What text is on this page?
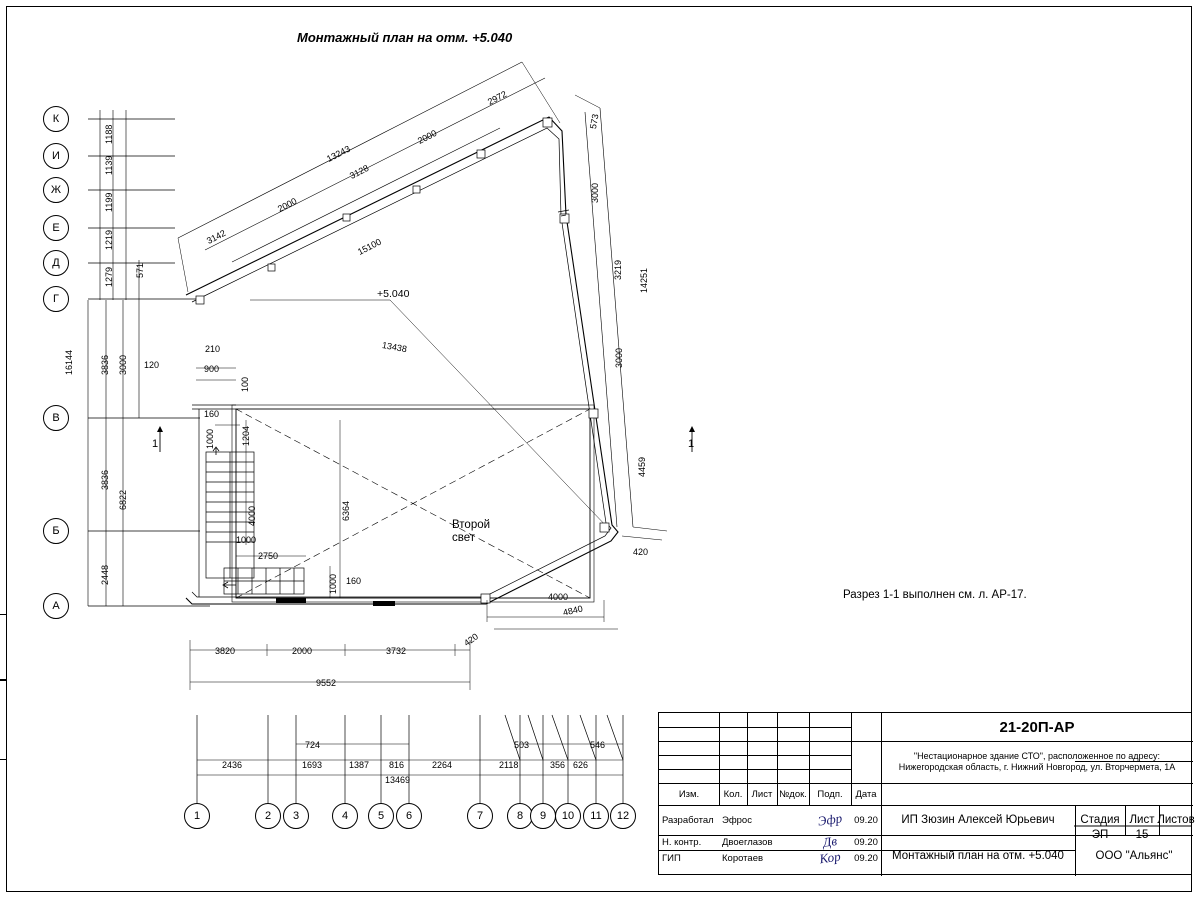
Монтажный план на отм. +5.040
К
И
Ж
Е
Д
Г
В
Б
А
1	2	3	4	5	6	7	8	9	10	11	12
2972
2000
13243
3128
2000
3142	15100
573
3000
3219 14251
3000
4459
420
1188
1139
1199
1219
1279 571
16144	3836 3000 120
3836
6822
2448
210
900
100
160
1000	1204
4000	6364
1000
2750
1000 160
13438
3820	2000	3732
420
9552
4000
4840
2436
724
1693	1387 816	2264	2118
503
356 626
546
13469
+5.040
Второй
свет
1	1
Разрез 1-1 выполнен см. л. АР-17.
Изм.	Кол. Лист №док.	Подп.	Дата
Разработал Эфрос	Эфр	09.20
Н. контр.	Двоеглазов	Дв	09.20
ГИП	Коротаев	Кор	09.20
21-20П-АР
"Нестационарное здание СТО", расположенное по адресу:
Нижегородская область, г. Нижний Новгород, ул. Вторчермета, 1А
ИП Зюзин Алексей Юрьевич
Монтажный план на отм. +5.040
Стадия Лист Листов
ЭП	15
ООО "Альянс"
